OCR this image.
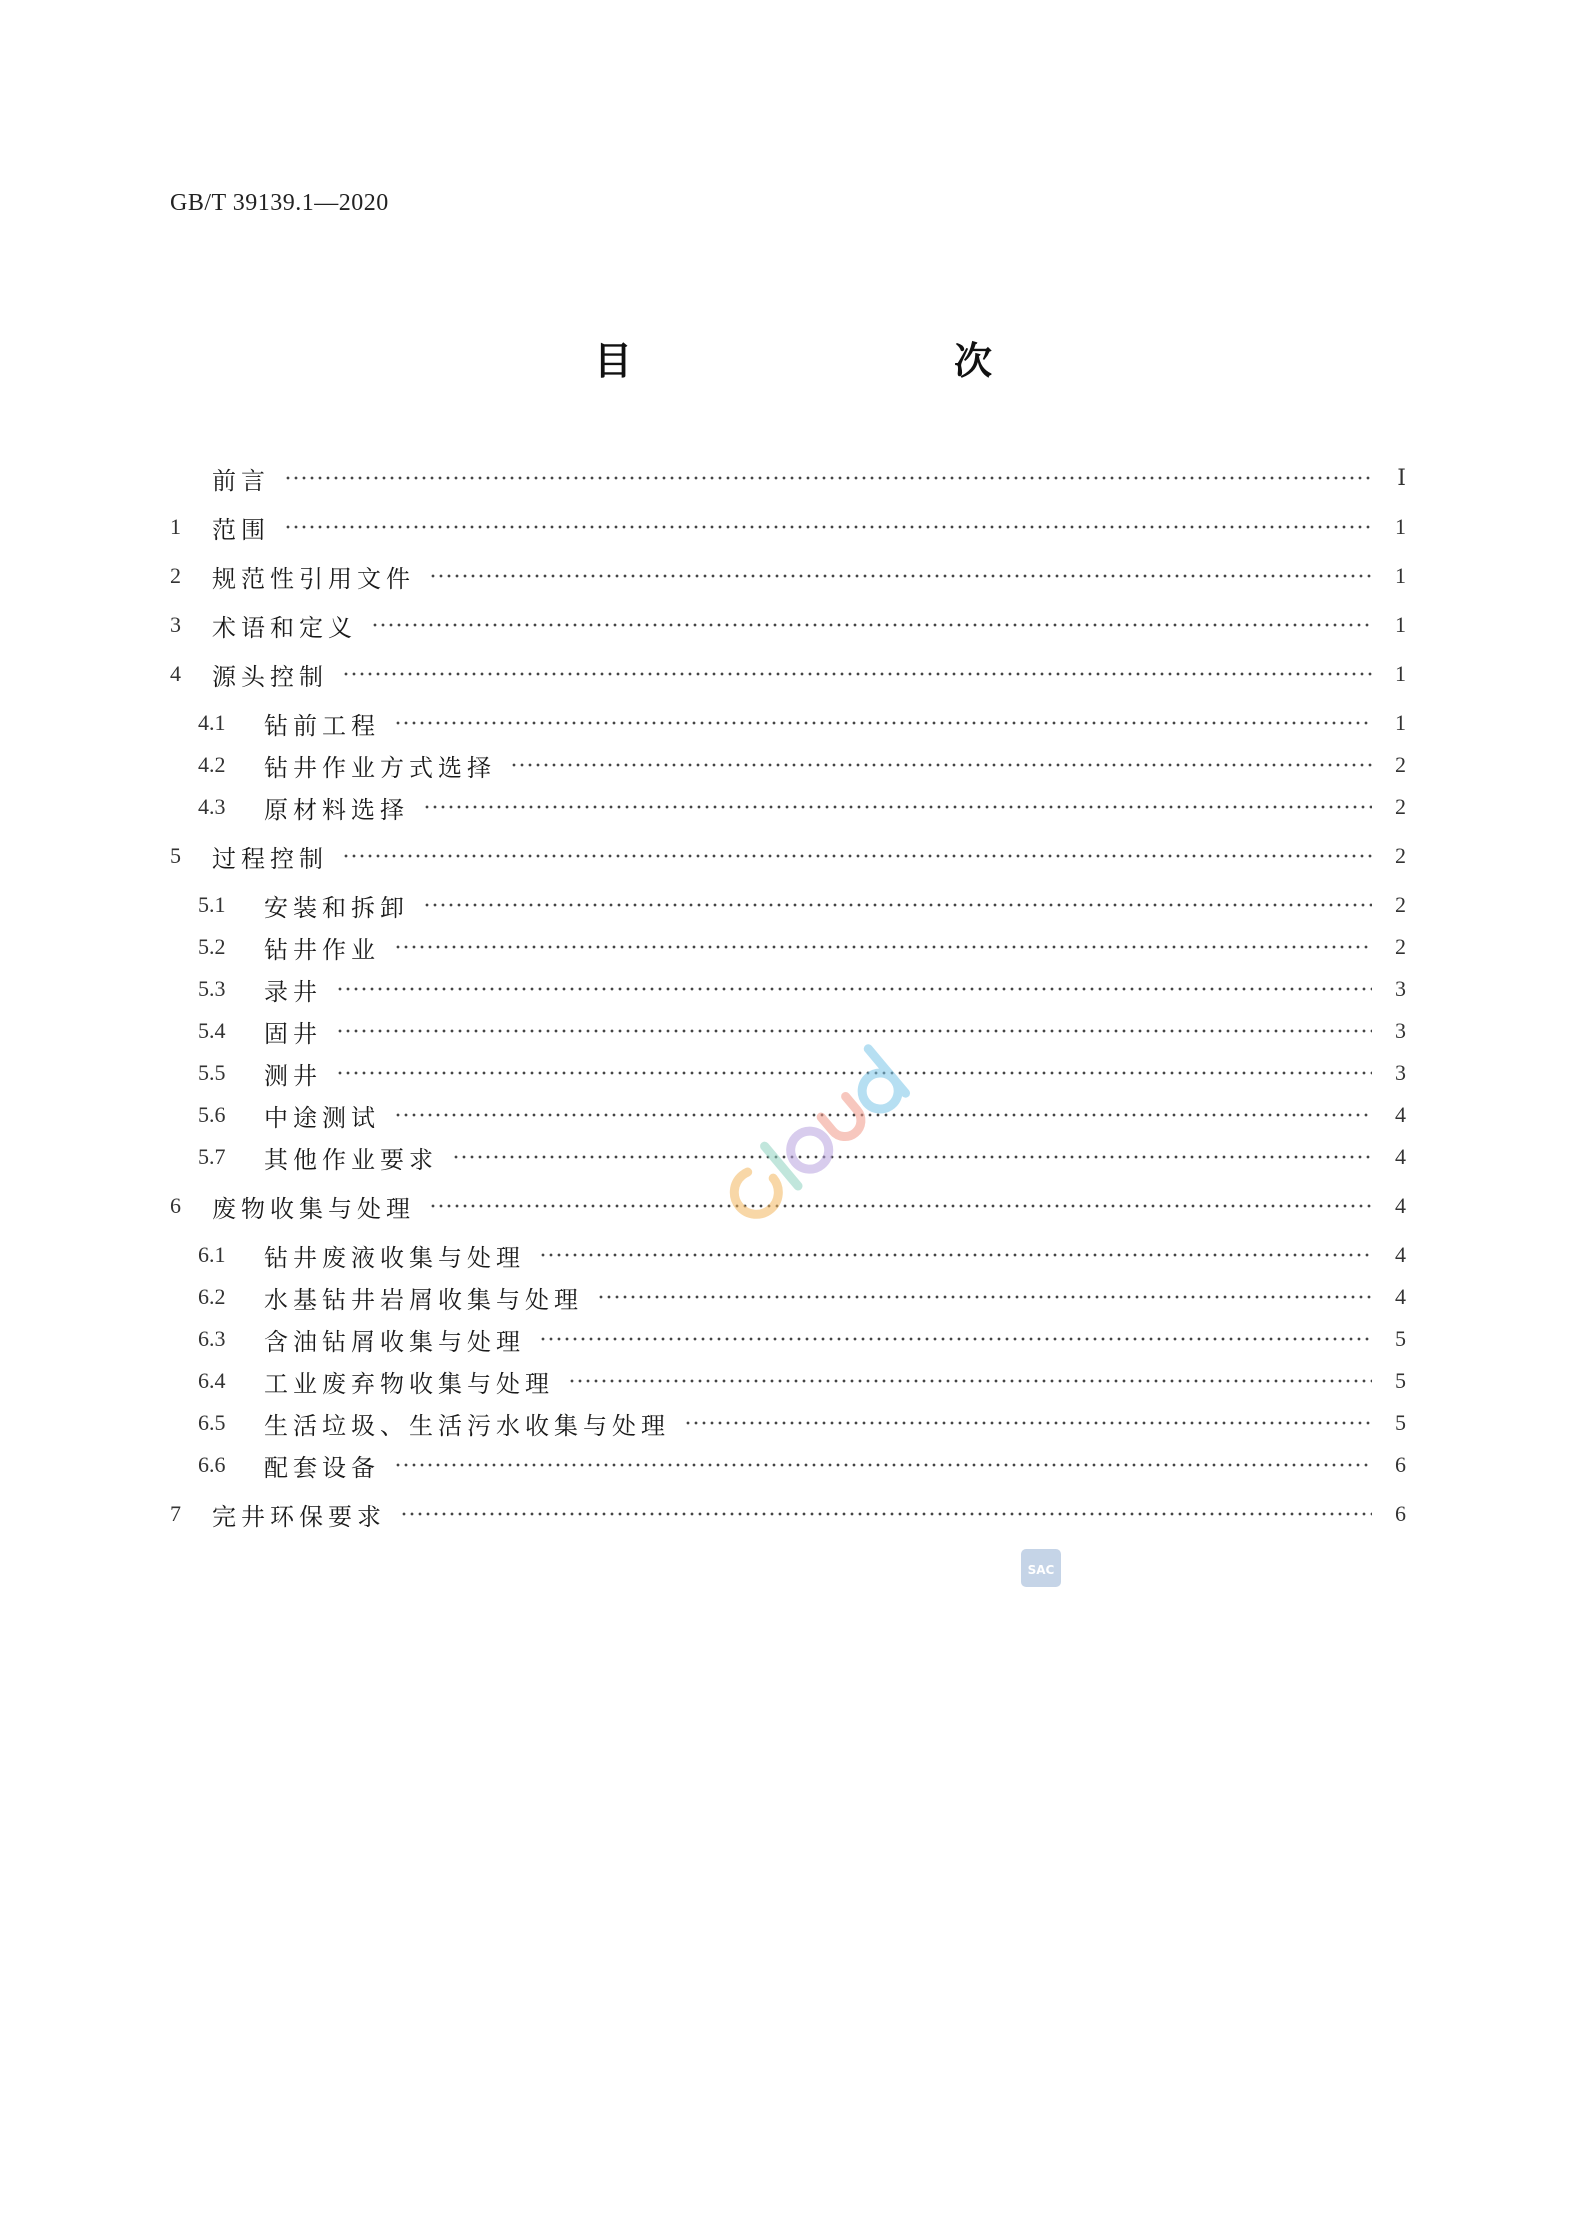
GB/T 39139.1—2020
目　　次
前言	Ⅰ
1	范围	1
2	规范性引用文件	1
3	术语和定义	1
4	源头控制	1
4.1	钻前工程	1
4.2	钻井作业方式选择	2
4.3	原材料选择	2
5	过程控制	2
5.1	安装和拆卸	2
5.2	钻井作业	2
5.3	录井	3
5.4	固井	3
5.5	测井	3
5.6	中途测试	4
5.7	其他作业要求	4
6	废物收集与处理	4
6.1	钻井废液收集与处理	4
6.2	水基钻井岩屑收集与处理	4
6.3	含油钻屑收集与处理	5
6.4	工业废弃物收集与处理	5
6.5	生活垃圾、生活污水收集与处理	5
6.6	配套设备	6
7	完井环保要求	6
SAC
